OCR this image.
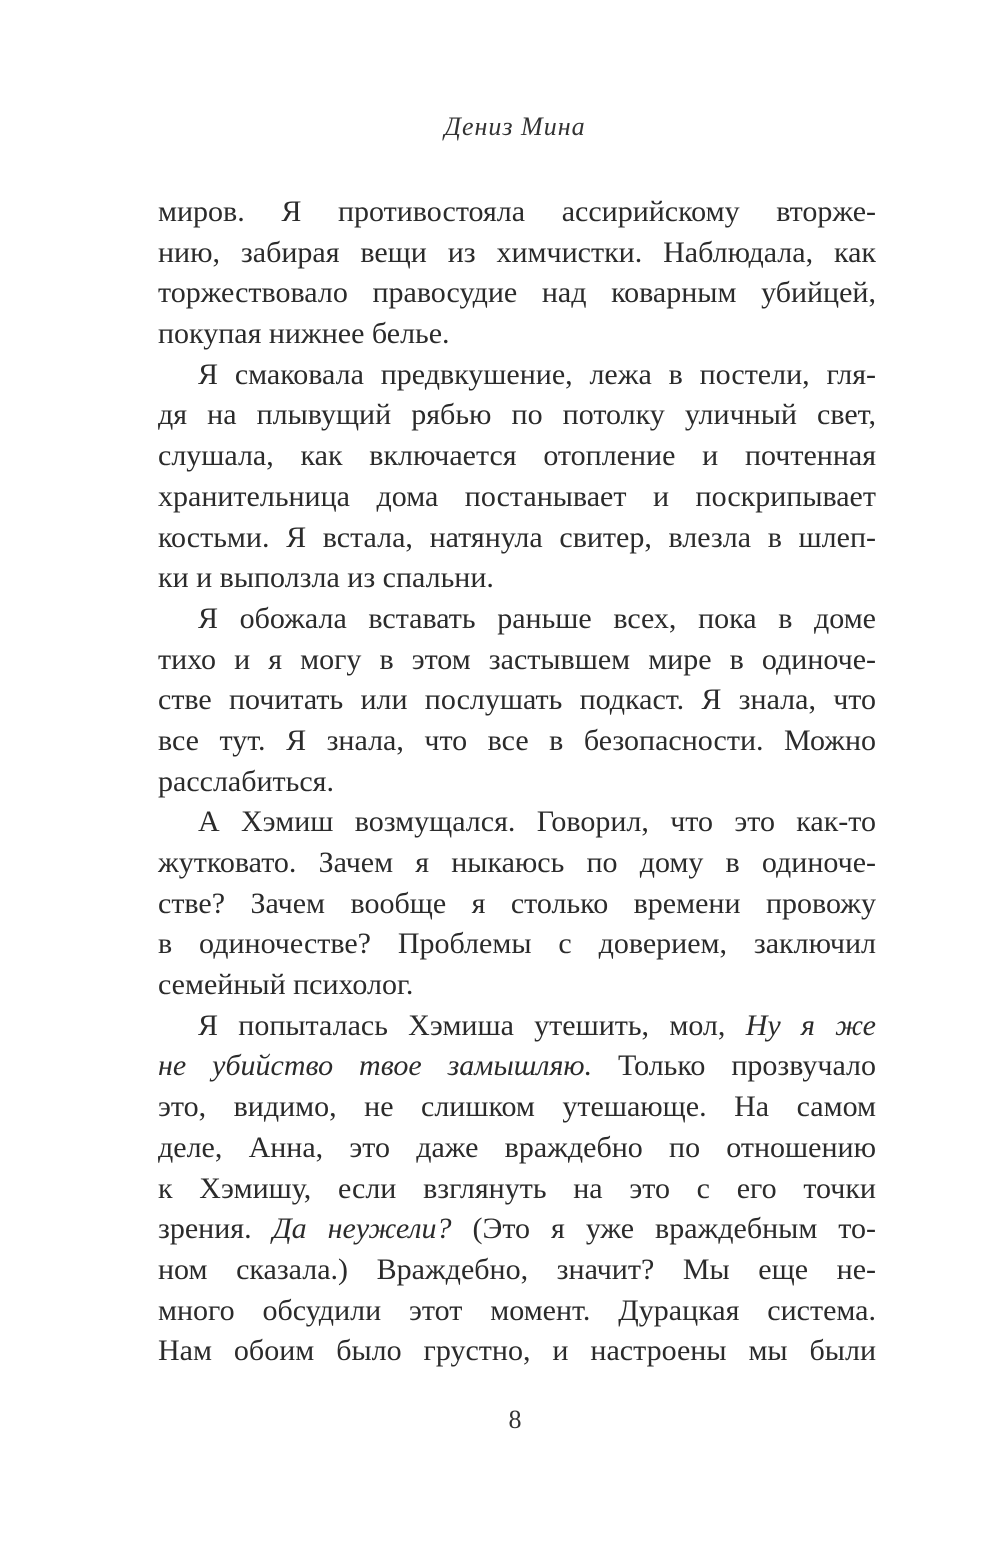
Дениз Мина
миров. Я противостояла ассирийскому вторже-
нию, забирая вещи из химчистки. Наблюдала, как
торжествовало правосудие над коварным убийцей,
покупая нижнее белье.
Я смаковала предвкушение, лежа в постели, гля-
дя на плывущий рябью по потолку уличный свет,
слушала, как включается отопление и почтенная
хранительница дома постанывает и поскрипывает
костьми. Я встала, натянула свитер, влезла в шлеп-
ки и выползла из спальни.
Я обожала вставать раньше всех, пока в доме
тихо и я могу в этом застывшем мире в одиноче-
стве почитать или послушать подкаст. Я знала, что
все тут. Я знала, что все в безопасности. Можно
расслабиться.
А Хэмиш возмущался. Говорил, что это как-то
жутковато. Зачем я ныкаюсь по дому в одиноче-
стве? Зачем вообще я столько времени провожу
в одиночестве? Проблемы с доверием, заключил
семейный психолог.
Я попыталась Хэмиша утешить, мол, Ну я же
не убийство твое замышляю. Только прозвучало
это, видимо, не слишком утешающе. На самом
деле, Анна, это даже враждебно по отношению
к Хэмишу, если взглянуть на это с его точки
зрения. Да неужели? (Это я уже враждебным то-
ном сказала.) Враждебно, значит? Мы еще не-
много обсудили этот момент. Дурацкая система.
Нам обоим было грустно, и настроены мы были
8
